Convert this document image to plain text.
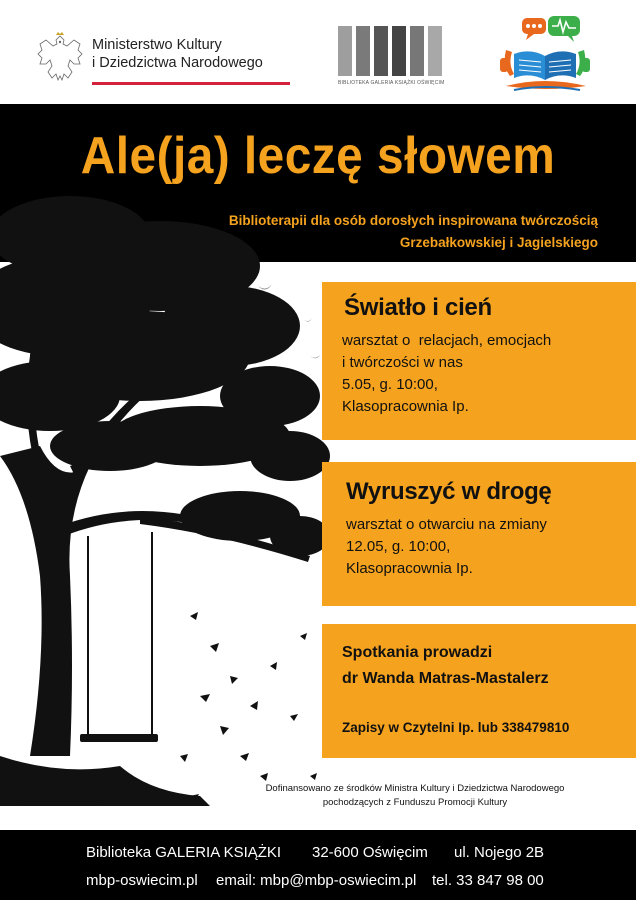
Ministerstwo Kultury
i Dziedzictwa Narodowego
BIBLIOTEKA GALERIA KSIĄŻKI OŚWIĘCIM
Ale(ja) leczę słowem
Biblioterapii dla osób dorosłych inspirowana twórczością
Grzebałkowskiej i Jagielskiego
Światło i cień
warsztat o  relacjach, emocjach
i twórczości w nas
5.05, g. 10:00,
Klasopracownia Ip.
Wyruszyć w drogę
warsztat o otwarciu na zmiany
12.05, g. 10:00,
Klasopracownia Ip.
Spotkania prowadzi
dr Wanda Matras-Mastalerz
Zapisy w Czytelni Ip. lub 338479810
Dofinansowano ze środków Ministra Kultury i Dziedzictwa Narodowego
pochodzących z Funduszu Promocji Kultury
Biblioteka GALERIA KSIĄŻKI 32-600 Oświęcim ul. Nojego 2B
mbp-oswiecim.pl email: mbp@mbp-oswiecim.pl tel. 33 847 98 00
